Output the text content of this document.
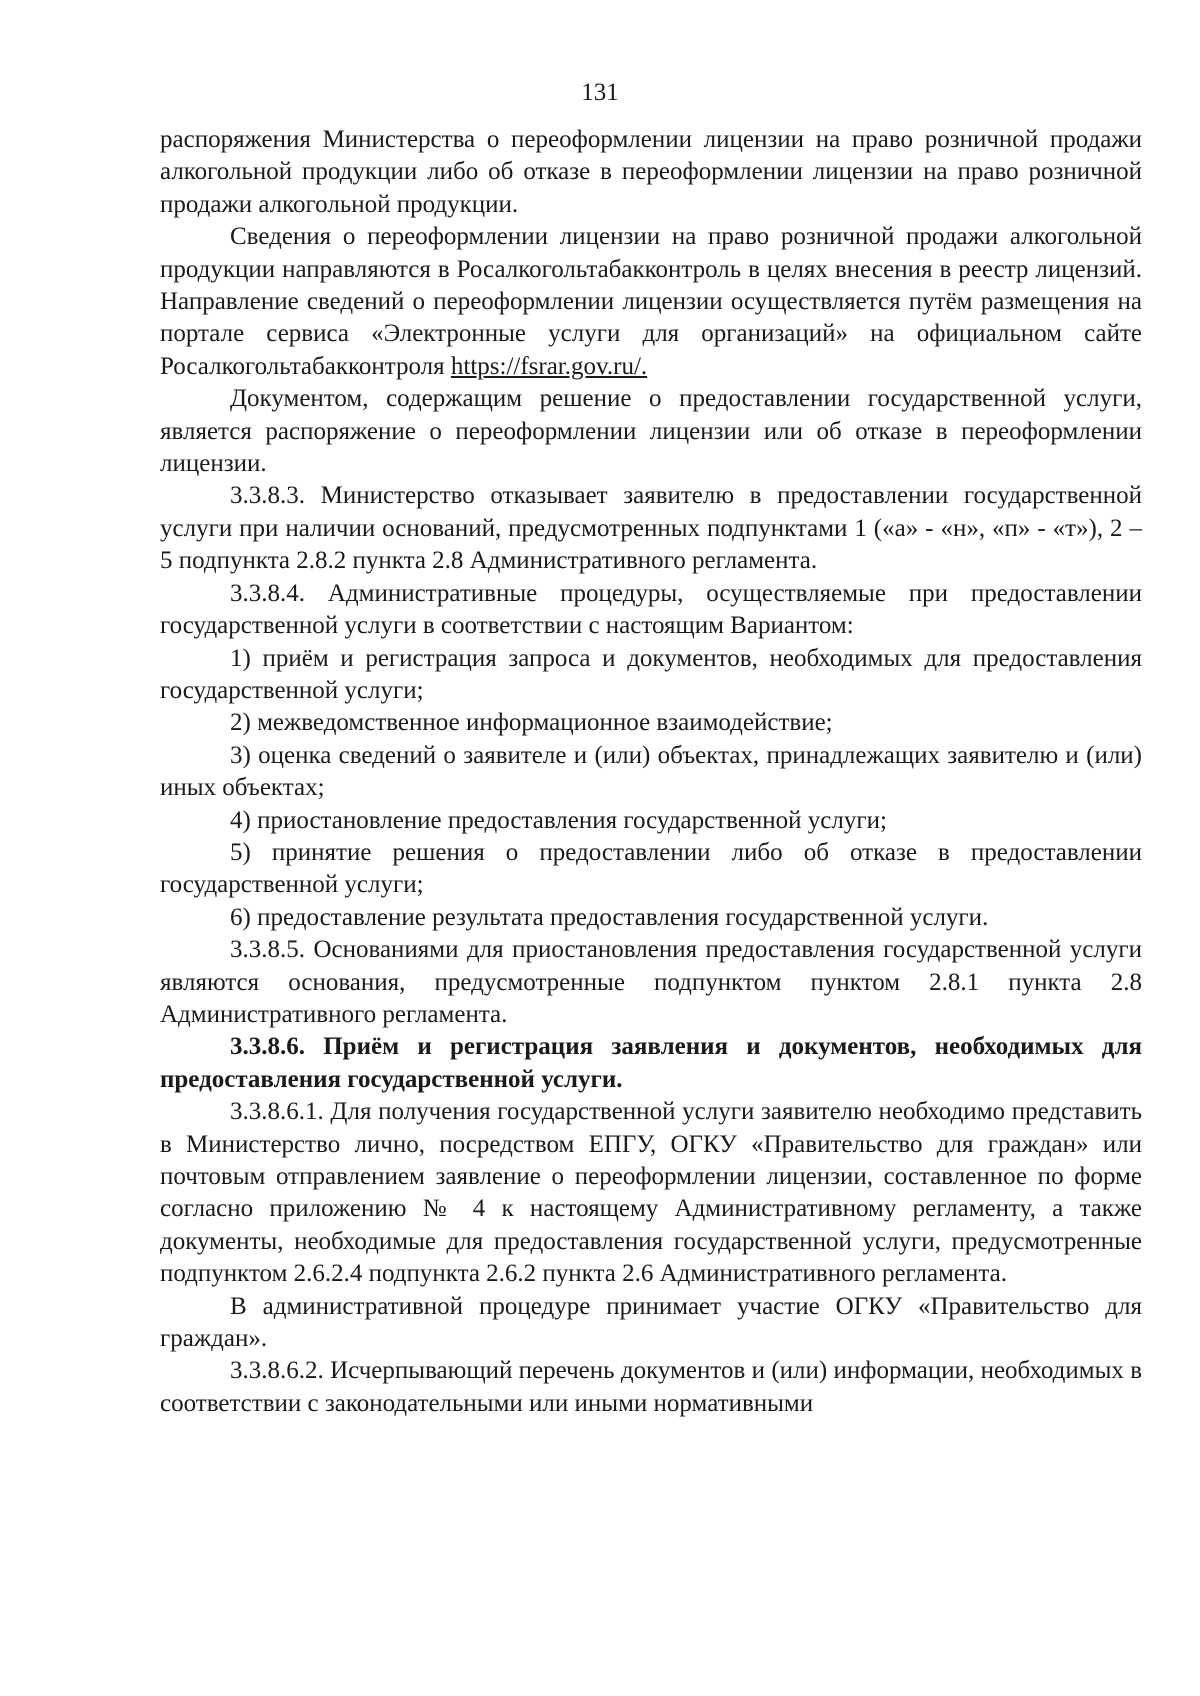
131

распоряжения Министерства о переоформлении лицензии на право розничной продажи алкогольной продукции либо об отказе в переоформлении лицензии на право розничной продажи алкогольной продукции.

Сведения о переоформлении лицензии на право розничной продажи алкогольной продукции направляются в Росалкогольтабакконтроль в целях внесения в реестр лицензий. Направление сведений о переоформлении лицензии осуществляется путём размещения на портале сервиса «Электронные услуги для организаций» на официальном сайте Росалкогольтабакконтроля https://fsrar.gov.ru/.

Документом, содержащим решение о предоставлении государственной услуги, является распоряжение о переоформлении лицензии или об отказе в переоформлении лицензии.

3.3.8.3. Министерство отказывает заявителю в предоставлении государственной услуги при наличии оснований, предусмотренных подпунктами 1 («а» - «н», «п» - «т»), 2 – 5 подпункта 2.8.2 пункта 2.8 Административного регламента.

3.3.8.4. Административные процедуры, осуществляемые при предоставлении государственной услуги в соответствии с настоящим Вариантом:

1) приём и регистрация запроса и документов, необходимых для предоставления государственной услуги;

2) межведомственное информационное взаимодействие;

3) оценка сведений о заявителе и (или) объектах, принадлежащих заявителю и (или) иных объектах;

4) приостановление предоставления государственной услуги;

5) принятие решения о предоставлении либо об отказе в предоставлении государственной услуги;

6) предоставление результата предоставления государственной услуги.

3.3.8.5. Основаниями для приостановления предоставления государственной услуги являются основания, предусмотренные подпунктом пунктом 2.8.1 пункта 2.8 Административного регламента.

3.3.8.6. Приём и регистрация заявления и документов, необходимых для предоставления государственной услуги.

3.3.8.6.1. Для получения государственной услуги заявителю необходимо представить в Министерство лично, посредством ЕПГУ, ОГКУ «Правительство для граждан» или почтовым отправлением заявление о переоформлении лицензии, составленное по форме согласно приложению № 4 к настоящему Административному регламенту, а также документы, необходимые для предоставления государственной услуги, предусмотренные подпунктом 2.6.2.4 подпункта 2.6.2 пункта 2.6 Административного регламента.

В административной процедуре принимает участие ОГКУ «Правительство для граждан».

3.3.8.6.2. Исчерпывающий перечень документов и (или) информации, необходимых в соответствии с законодательными или иными нормативными
